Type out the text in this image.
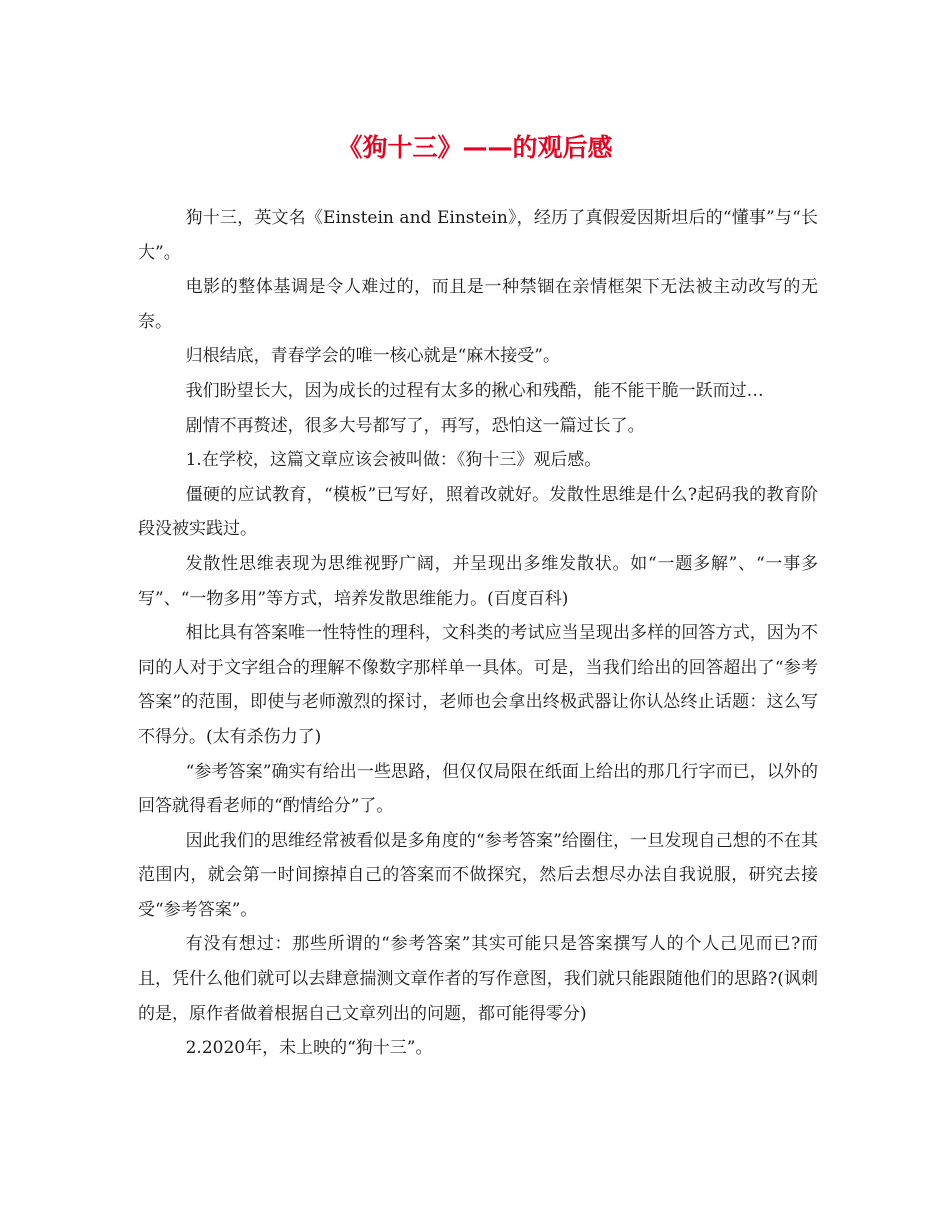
《狗十三》——的观后感

狗十三，英文名《Einstein and Einstein》，经历了真假爱因斯坦后的“懂事”与“长大”。

电影的整体基调是令人难过的，而且是一种禁锢在亲情框架下无法被主动改写的无奈。

归根结底，青春学会的唯一核心就是“麻木接受”。

我们盼望长大，因为成长的过程有太多的揪心和残酷，能不能干脆一跃而过…

剧情不再赘述，很多大号都写了，再写，恐怕这一篇过长了。

1.在学校，这篇文章应该会被叫做：《狗十三》观后感。

僵硬的应试教育，“模板”已写好，照着改就好。发散性思维是什么?起码我的教育阶段没被实践过。

发散性思维表现为思维视野广阔，并呈现出多维发散状。如“一题多解”、“一事多写”、“一物多用”等方式，培养发散思维能力。(百度百科)

相比具有答案唯一性特性的理科，文科类的考试应当呈现出多样的回答方式，因为不同的人对于文字组合的理解不像数字那样单一具体。可是，当我们给出的回答超出了“参考答案”的范围，即使与老师激烈的探讨，老师也会拿出终极武器让你认怂终止话题：这么写不得分。(太有杀伤力了)

“参考答案”确实有给出一些思路，但仅仅局限在纸面上给出的那几行字而已，以外的回答就得看老师的“酌情给分”了。

因此我们的思维经常被看似是多角度的“参考答案”给圈住，一旦发现自己想的不在其范围内，就会第一时间擦掉自己的答案而不做探究，然后去想尽办法自我说服，研究去接受“参考答案”。

有没有想过：那些所谓的“参考答案”其实可能只是答案撰写人的个人己见而已?而且，凭什么他们就可以去肆意揣测文章作者的写作意图，我们就只能跟随他们的思路?(讽刺的是，原作者做着根据自己文章列出的问题，都可能得零分)

2.2020年，未上映的“狗十三”。
